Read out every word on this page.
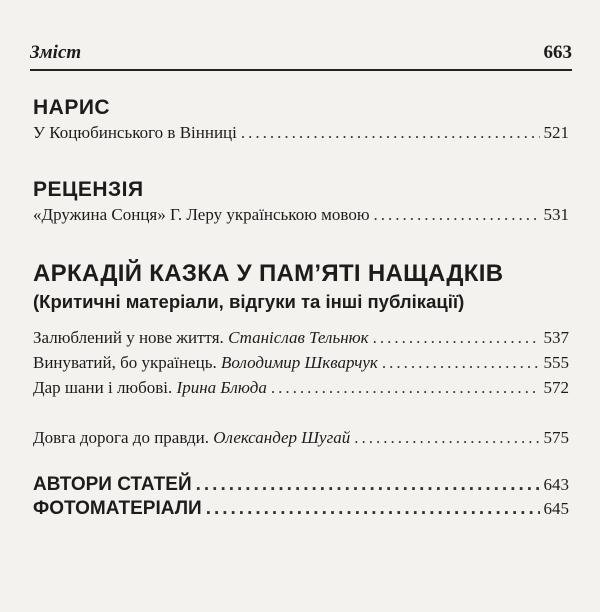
Зміст	663
НАРИС
У Коцюбинського в Вінниці .....	521
РЕЦЕНЗІЯ
«Дружина Сонця» Г. Леру українською мовою .....	531
АРКАДІЙ КАЗКА У ПАМ’ЯТІ НАЩАДКІВ
(Критичні матеріали, відгуки та інші публікації)
Залюблений у нове життя. Станіслав Тельнюк .....	537
Винуватий, бо українець. Володимир Шкварчук .....	555
Дар шани і любові. Ірина Блюда .....	572
Довга дорога до правди. Олександер Шугай .....	575
АВТОРИ СТАТЕЙ .....	643
ФОТОМАТЕРІАЛИ .....	645
